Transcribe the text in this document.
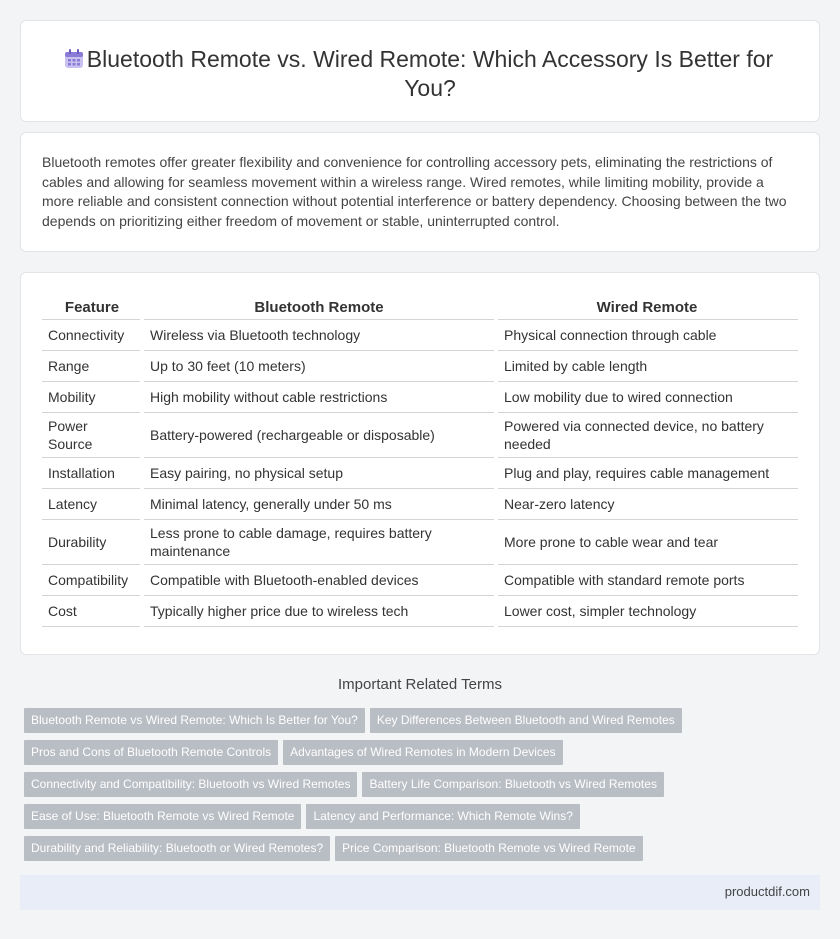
Bluetooth Remote vs. Wired Remote: Which Accessory Is Better for You?

Bluetooth remotes offer greater flexibility and convenience for controlling accessory pets, eliminating the restrictions of cables and allowing for seamless movement within a wireless range. Wired remotes, while limiting mobility, provide a more reliable and consistent connection without potential interference or battery dependency. Choosing between the two depends on prioritizing either freedom of movement or stable, uninterrupted control.

Feature	Bluetooth Remote	Wired Remote
Connectivity	Wireless via Bluetooth technology	Physical connection through cable
Range	Up to 30 feet (10 meters)	Limited by cable length
Mobility	High mobility without cable restrictions	Low mobility due to wired connection
Power Source	Battery-powered (rechargeable or disposable)	Powered via connected device, no battery needed
Installation	Easy pairing, no physical setup	Plug and play, requires cable management
Latency	Minimal latency, generally under 50 ms	Near-zero latency
Durability	Less prone to cable damage, requires battery maintenance	More prone to cable wear and tear
Compatibility	Compatible with Bluetooth-enabled devices	Compatible with standard remote ports
Cost	Typically higher price due to wireless tech	Lower cost, simpler technology
Important Related Terms
Bluetooth Remote vs Wired Remote: Which Is Better for You? Key Differences Between Bluetooth and Wired Remotes
Pros and Cons of Bluetooth Remote Controls Advantages of Wired Remotes in Modern Devices
Connectivity and Compatibility: Bluetooth vs Wired Remotes Battery Life Comparison: Bluetooth vs Wired Remotes
Ease of Use: Bluetooth Remote vs Wired Remote Latency and Performance: Which Remote Wins?
Durability and Reliability: Bluetooth or Wired Remotes? Price Comparison: Bluetooth Remote vs Wired Remote
productdif.com
